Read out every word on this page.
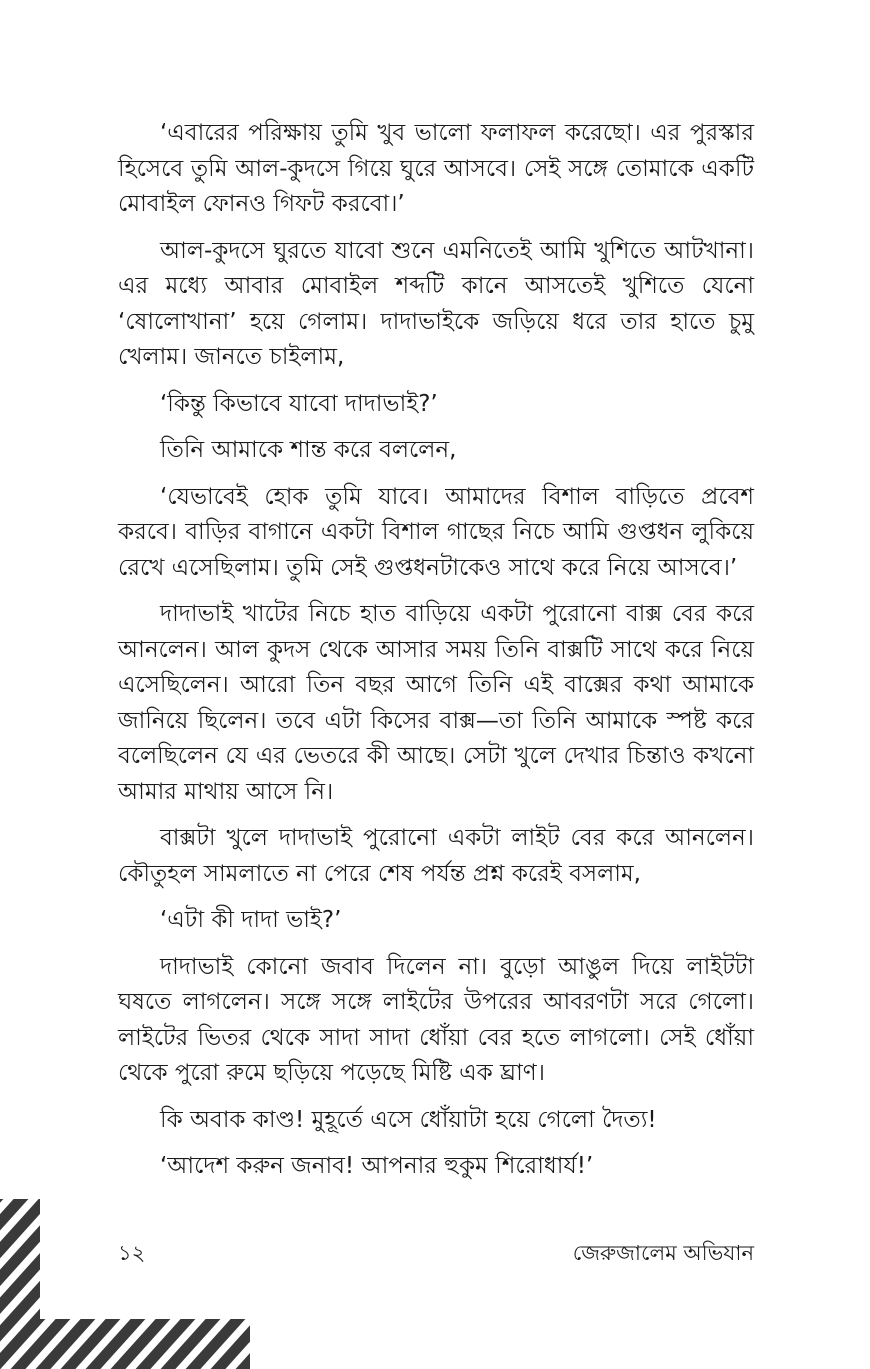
‘এবারের পরিক্ষায় তুমি খুব ভালো ফলাফল করেছো। এর পুরস্কার হিসেবে তুমি আল-কুদসে গিয়ে ঘুরে আসবে। সেই সঙ্গে তোমাকে একটি মোবাইল ফোনও গিফট করবো।’

আল-কুদসে ঘুরতে যাবো শুনে এমনিতেই আমি খুশিতে আটখানা। এর মধ্যে আবার মোবাইল শব্দটি কানে আসতেই খুশিতে যেনো ‘ষোলোখানা’ হয়ে গেলাম। দাদাভাইকে জড়িয়ে ধরে তার হাতে চুমু খেলাম। জানতে চাইলাম,

‘কিন্তু কিভাবে যাবো দাদাভাই?’

তিনি আমাকে শান্ত করে বললেন,

‘যেভাবেই হোক তুমি যাবে। আমাদের বিশাল বাড়িতে প্রবেশ করবে। বাড়ির বাগানে একটা বিশাল গাছের নিচে আমি গুপ্তধন লুকিয়ে রেখে এসেছিলাম। তুমি সেই গুপ্তধনটাকেও সাথে করে নিয়ে আসবে।’

দাদাভাই খাটের নিচে হাত বাড়িয়ে একটা পুরোনো বাক্স বের করে আনলেন। আল কুদস থেকে আসার সময় তিনি বাক্সটি সাথে করে নিয়ে এসেছিলেন। আরো তিন বছর আগে তিনি এই বাক্সের কথা আমাকে জানিয়ে ছিলেন। তবে এটা কিসের বাক্স—তা তিনি আমাকে স্পষ্ট করে বলেছিলেন যে এর ভেতরে কী আছে। সেটা খুলে দেখার চিন্তাও কখনো আমার মাথায় আসে নি।

বাক্সটা খুলে দাদাভাই পুরোনো একটা লাইট বের করে আনলেন। কৌতুহল সামলাতে না পেরে শেষ পর্যন্ত প্রশ্ন করেই বসলাম,

‘এটা কী দাদা ভাই?’

দাদাভাই কোনো জবাব দিলেন না। বুড়ো আঙুল দিয়ে লাইটটা ঘষতে লাগলেন। সঙ্গে সঙ্গে লাইটের উপরের আবরণটা সরে গেলো। লাইটের ভিতর থেকে সাদা সাদা ধোঁয়া বের হতে লাগলো। সেই ধোঁয়া থেকে পুরো রুমে ছড়িয়ে পড়েছে মিষ্টি এক ঘ্রাণ।

কি অবাক কাণ্ড! মুহূর্তে এসে ধোঁয়াটা হয়ে গেলো দৈত্য!

‘আদেশ করুন জনাব! আপনার হুকুম শিরোধার্য!’

১২	জেরুজালেম অভিযান
